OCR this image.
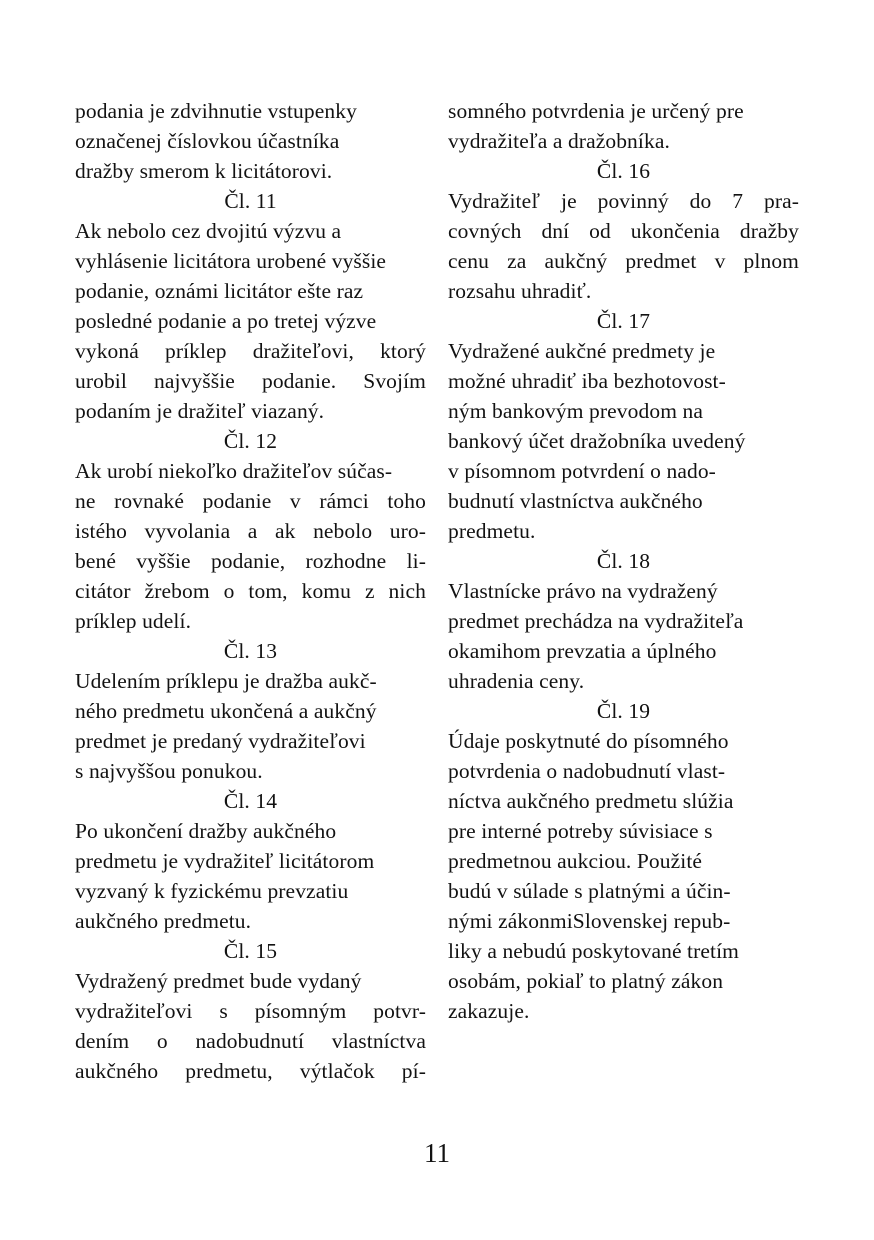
podania je zdvihnutie vstupenky
označenej číslovkou účastníka
dražby smerom k licitátorovi.
Čl. 11
Ak nebolo cez dvojitú výzvu a
vyhlásenie licitátora urobené vyššie
podanie, oznámi licitátor ešte raz
posledné podanie a po tretej výzve
vykoná príklep dražiteľovi, ktorý
urobil najvyššie podanie. Svojím
podaním je dražiteľ viazaný.
Čl. 12
Ak urobí niekoľko dražiteľov súčas-
ne rovnaké podanie v rámci toho
istého vyvolania a ak nebolo uro-
bené vyššie podanie, rozhodne li-
citátor žrebom o tom, komu z nich
príklep udelí.
Čl. 13
Udelením príklepu je dražba aukč-
ného predmetu ukončená a aukčný
predmet je predaný vydražiteľovi
s najvyššou ponukou.
Čl. 14
Po ukončení dražby aukčného
predmetu je vydražiteľ licitátorom
vyzvaný k fyzickému prevzatiu
aukčného predmetu.
Čl. 15
Vydražený predmet bude vydaný
vydražiteľovi s písomným potvr-
dením o nadobudnutí vlastníctva
aukčného predmetu, výtlačok pí-
somného potvrdenia je určený pre
vydražiteľa a dražobníka.
Čl. 16
Vydražiteľ je povinný do 7 pra-
covných dní od ukončenia dražby
cenu za aukčný predmet v plnom
rozsahu uhradiť.
Čl. 17
Vydražené aukčné predmety je
možné uhradiť iba bezhotovost-
ným bankovým prevodom na
bankový účet dražobníka uvedený
v písomnom potvrdení o nado-
budnutí vlastníctva aukčného
predmetu.
Čl. 18
Vlastnícke právo na vydražený
predmet prechádza na vydražiteľa
okamihom prevzatia a úplného
uhradenia ceny.
Čl. 19
Údaje poskytnuté do písomného
potvrdenia o nadobudnutí vlast-
níctva aukčného predmetu slúžia
pre interné potreby súvisiace s
predmetnou aukciou. Použité
budú v súlade s platnými a účin-
nými zákonmiSlovenskej repub-
liky a nebudú poskytované tretím
osobám, pokiaľ to platný zákon
zakazuje.
11
